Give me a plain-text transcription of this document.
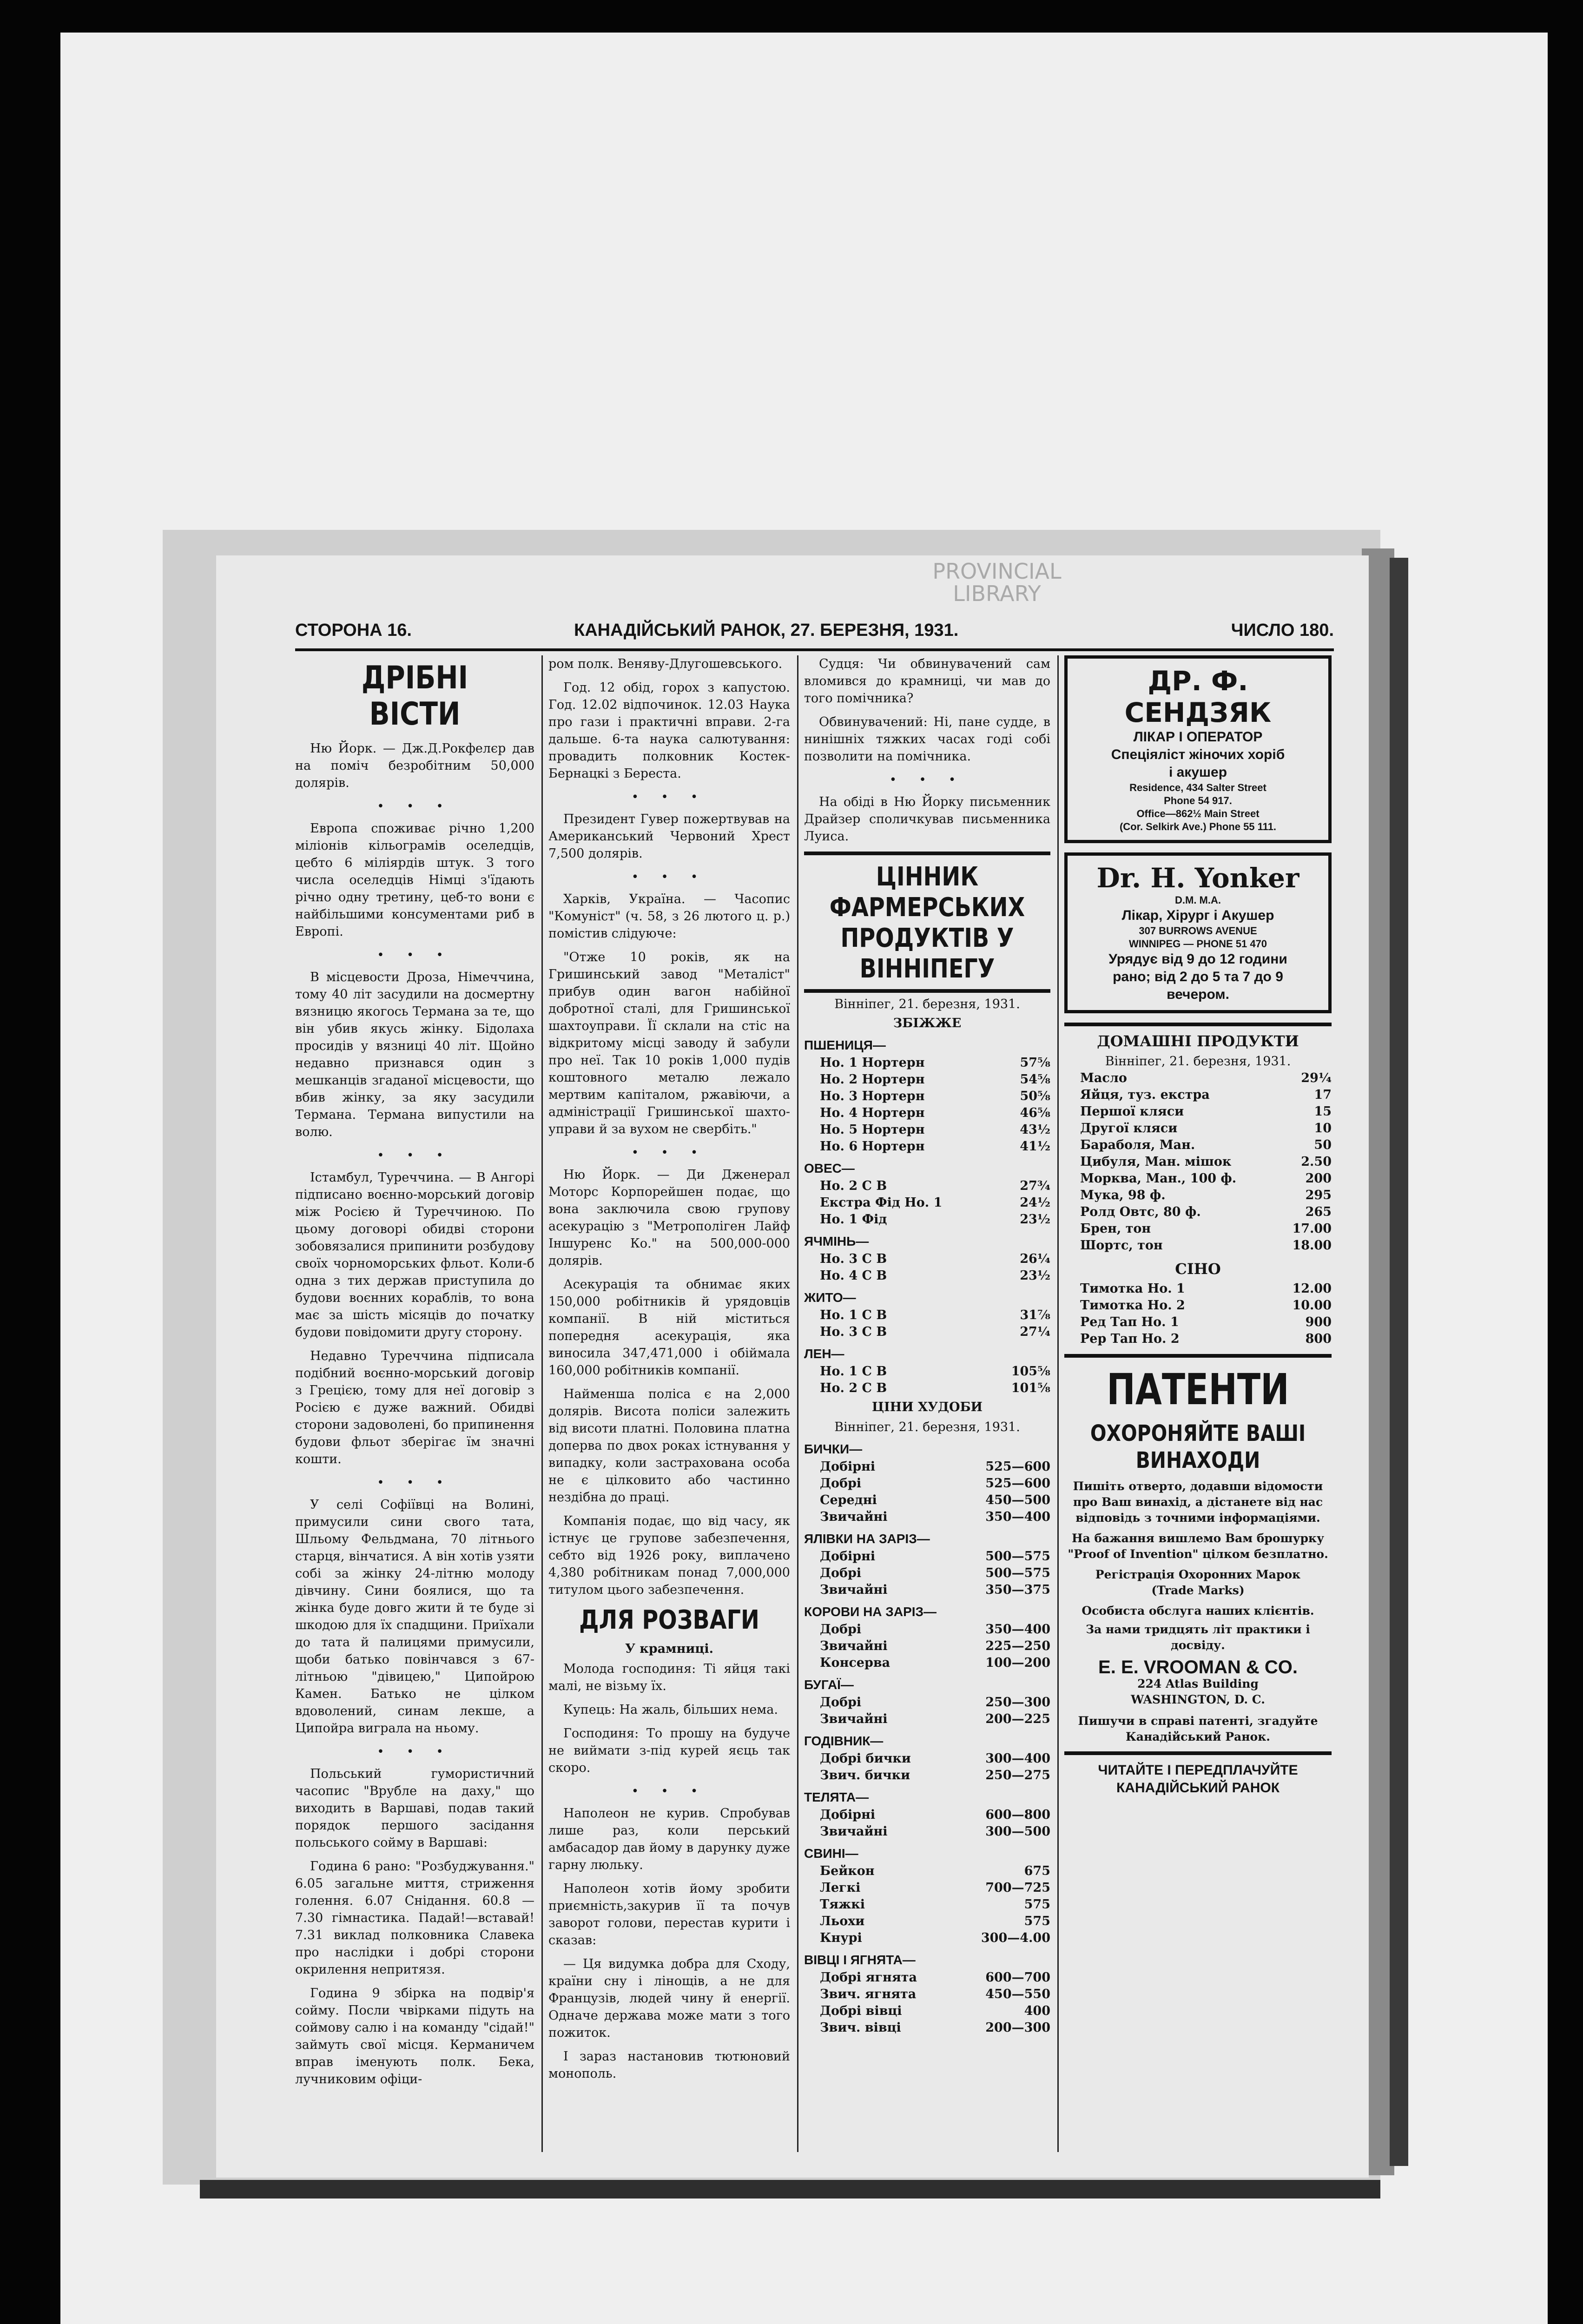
PROVINCIAL
LIBRARY
СТОРОНА 16.	КАНАДІЙСЬКИЙ РАНОК, 27. БЕРЕЗНЯ, 1931.	ЧИСЛО 180.
ДРІБНІ ВІСТИ

Ню Йорк. — Дж.Д.Рокфелєр дав на поміч безробітним 50,000 долярів.

• • •

Европа споживає річно 1,200 міліонів кільограмів оселедців, цебто 6 міліярдів штук. З того числа оселедців Німці з'їдають річно одну третину, цеб-то вони є найбільшими консументами риб в Европі.

• • •

В місцевости Дроза, Німеччина, тому 40 літ засудили на досмертну вязницю якогось Термана за те, що він убив якусь жінку. Бідолаха просидів у вязниці 40 літ. Щойно недавно признався один з мешканців згаданої місцевости, що вбив жінку, за яку засудили Термана. Термана випустили на волю.

• • •

Істамбул, Туреччина. — В Ангорі підписано воєнно-морський договір між Росією й Туреччиною. По цьому договорі обидві сторони зобовязалися припинити розбудову своїх чорноморських фльот. Коли-б одна з тих держав приступила до будови воєнних кораблів, то вона має за шість місяців до початку будови повідомити другу сторону.

Недавно Туреччина підписала подібний воєнно-морський договір з Грецією, тому для неї договір з Росією є дуже важний. Обидві сторони задоволені, бо припинення будови фльот зберігає їм значні кошти.

• • •

У селі Софіївці на Волині, примусили сини свого тата, Шльому Фельдмана, 70 літнього старця, вінчатися. А він хотів узяти собі за жінку 24-літню молоду дівчину. Сини боялися, що та жінка буде довго жити й те буде зі шкодою для їх спадщини. Приїхали до тата й палицями примусили, щоби батько повінчався з 67-літньою "дівицею," Ципойрою Камен. Батько не цілком вдоволений, синам лекше, а Ципойра виграла на ньому.

• • •

Польський гумористичний часопис "Врубле на даху," що виходить в Варшаві, подав такий порядок першого засідання польського сойму в Варшаві:

Година 6 рано: "Розбуджування." 6.05 загальне миття, стриження голення. 6.07 Снідання. 60.8 — 7.30 гімнастика. Падай!—вставай! 7.31 виклад полковника Славека про наслідки і добрі сторони окрилення непритязя.

Година 9 збірка на подвір'я сойму. Посли чвірками підуть на соймову салю і на команду "сідай!" займуть свої місця. Керманичем вправ іменують полк. Бека, лучниковим офіци-

ром полк. Веняву-Длугошевського.

Год. 12 обід, горох з капустою. Год. 12.02 відпочинок. 12.03 Наука про гази і практичні вправи. 2-га дальше. 6-та наука салютування: провадить полковник Костек-Бернацкі з Береста.

• • •

Президент Гувер пожертвував на Американський Червоний Хрест 7,500 долярів.

• • •

Харків, Україна. — Часопис "Комуніст" (ч. 58, з 26 лютого ц. р.) помістив слідуюче:

"Отже 10 років, як на Гришинський завод "Металіст" прибув один вагон набійної добротної сталі, для Гришинської шахтоуправи. Її склали на стіс на відкритому місці заводу й забули про неї. Так 10 років 1,000 пудів коштовного металю лежало мертвим капіталом, ржавіючи, а адміністрації Гришинської шахто-управи й за вухом не свербіть."

• • •

Ню Йорк. — Ди Дженерал Моторс Корпорейшен подає, що вона заключила свою групову асекурацію з "Метрополіген Лайф Іншуренс Ко." на 500,000-000 долярів.

Асекурація та обнимає яких 150,000 робітників й урядовців компанії. В ній міститься попередня асекурація, яка виносила 347,471,000 і обіймала 160,000 робітників компанії.

Найменша поліса є на 2,000 долярів. Висота поліси залежить від висоти платні. Половина платна доперва по двох роках істнування у випадку, коли застрахована особа не є цілковито або частинно нездібна до праці.

Компанія подає, що від часу, як істнує це групове забезпечення, себто від 1926 року, виплачено 4,380 робітникам понад 7,000,000 титулом цього забезпечення.

ДЛЯ РОЗВАГИ
У крамниці.

Молода господиня: Ті яйця такі малі, не візьму їх.

Купець: На жаль, більших нема.

Господиня: То прошу на будуче не виймати з-під курей яєць так скоро.

• • •

Наполеон не курив. Спробував лише раз, коли перський амбасадор дав йому в дарунку дуже гарну люльку.

Наполеон хотів йому зробити приємність,закурив її та почув заворот голови, перестав курити і сказав:

— Ця видумка добра для Сходу, країни сну і лінощів, а не для Французів, людей чину й енергії. Одначе держава може мати з того пожиток.

І зараз настановив тютюновий монополь.

Судця: Чи обвинувачений сам вломився до крамниці, чи мав до того помічника?

Обвинувачений: Ні, пане судде, в нинішніх тяжких часах годі собі позволити на помічника.

• • •

На обіді в Ню Йорку письменник Драйзер споличкував письменника Луиса.

ЦІННИК ФАРМЕРСЬКИХ ПРОДУКТІВ У ВІННІПЕГУ
Вінніпег, 21. березня, 1931.
ЗБІЖЖЕ
ПШЕНИЦЯ—
Но. 1 Нортерн	57⅝
Но. 2 Нортерн	54⅝
Но. 3 Нортерн	50⅝
Но. 4 Нортерн	46⅝
Но. 5 Нортерн	43½
Но. 6 Нортерн	41½
ОВЕС—
Но. 2 С В	27¾
Екстра Фід Но. 1	24½
Но. 1 Фід	23½
ЯЧМІНЬ—
Но. 3 С В	26¼
Но. 4 С В	23½
ЖИТО—
Но. 1 С В	31⅞
Но. 3 С В	27¼
ЛЕН—
Но. 1 С В	105⅝
Но. 2 С В	101⅝
ЦІНИ ХУДОБИ
Вінніпег, 21. березня, 1931.
БИЧКИ—
Добірні	525—600
Добрі	525—600
Середні	450—500
Звичайні	350—400
ЯЛІВКИ НА ЗАРІЗ—
Добірні	500—575
Добрі	500—575
Звичайні	350—375
КОРОВИ НА ЗАРІЗ—
Добрі	350—400
Звичайні	225—250
Консерва	100—200
БУГАЇ—
Добрі	250—300
Звичайні	200—225
ГОДІВНИК—
Добрі бички	300—400
Звич. бички	250—275
ТЕЛЯТА—
Добірні	600—800
Звичайні	300—500
СВИНІ—
Бейкон	675
Легкі	700—725
Тяжкі	575
Льохи	575
Кнурі	300—4.00
ВІВЦІ І ЯГНЯТА—
Добрі ягнята	600—700
Звич. ягнята	450—550
Добрі вівці	400
Звич. вівці	200—300
ДР. Ф. СЕНДЗЯК
ЛІКАР І ОПЕРАТОР
Спеціяліст жіночих хоріб
і акушер
Residence, 434 Salter Street
Phone 54 917.
Office—862½ Main Street
(Cor. Selkirk Ave.) Phone 55 111.
Dr. H. Yonker
D.M. M.A.
Лікар, Хірург і Акушер
307 BURROWS AVENUE
WINNIPEG — PHONE 51 470
Урядує від 9 до 12 години
рано; від 2 до 5 та 7 до 9
вечером.
ДОМАШНІ ПРОДУКТИ
Вінніпег, 21. березня, 1931.
Масло	29¼
Яйця, туз. екстра	17
Першої кляси	15
Другої кляси	10
Бараболя, Ман.	50
Цибуля, Ман. мішок	2.50
Морква, Ман., 100 ф.	200
Мука, 98 ф.	295
Ролд Овтс, 80 ф.	265
Брен, тон	17.00
Шортс, тон	18.00
СІНО
Тимотка Но. 1	12.00
Тимотка Но. 2	10.00
Ред Тап Но. 1	900
Рер Тап Но. 2	800
ПАТЕНТИ
ОХОРОНЯЙТЕ ВАШІ ВИНАХОДИ
Пишіть отверто, додавши відомости про Ваш винахід, а дістанете від нас відповідь з точними інформаціями.
На бажання вишлемо Вам брошурку "Proof of Invention" цілком безплатно.
Регістрація Охоронних Марок
(Trade Marks)
Особиста обслуга наших клієнтів.
За нами тридцять літ практики і досвіду.
E. E. VROOMAN & CO.
224 Atlas Building
WASHINGTON, D. C.
Пишучи в справі патенті, згадуйте Канадійський Ранок.
ЧИТАЙТЕ І ПЕРЕДПЛАЧУЙТЕ КАНАДІЙСЬКИЙ РАНОК
